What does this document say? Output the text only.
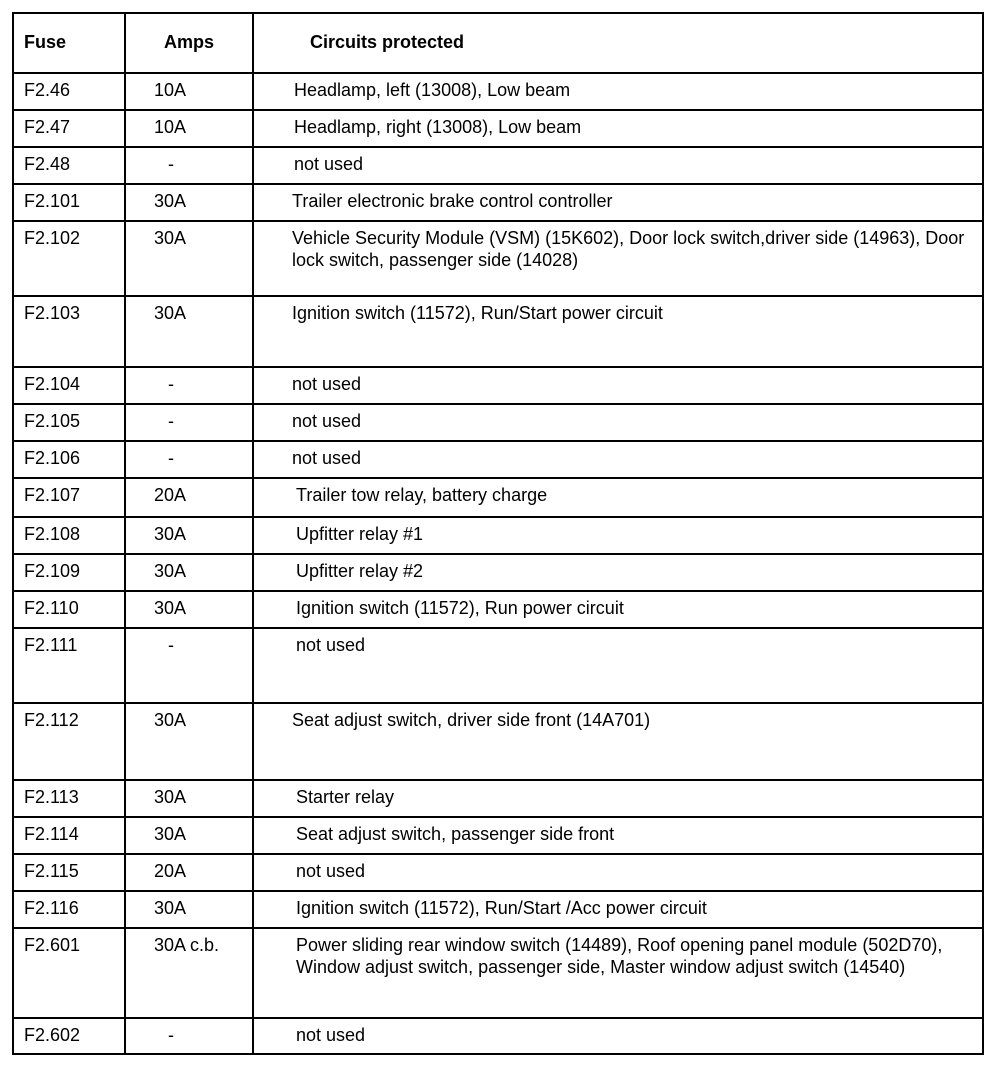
Fuse	Amps	Circuits protected

F2.46	10A	Headlamp, left (13008), Low beam

F2.47	10A	Headlamp, right (13008), Low beam

F2.48	-	not used

F2.101	30A	Trailer electronic brake control controller

F2.102	30A	Vehicle Security Module (VSM) (15K602), Door lock switch,driver side (14963), Door lock switch, passenger side (14028)

F2.103	30A	Ignition switch (11572), Run/Start power circuit

F2.104	-	not used

F2.105	-	not used

F2.106	-	not used

F2.107	20A	Trailer tow relay, battery charge

F2.108	30A	Upfitter relay #1

F2.109	30A	Upfitter relay #2

F2.110	30A	Ignition switch (11572), Run power circuit

F2.111	-	not used

F2.112	30A	Seat adjust switch, driver side front (14A701)

F2.113	30A	Starter relay

F2.114	30A	Seat adjust switch, passenger side front

F2.115	20A	not used

F2.116	30A	Ignition switch (11572), Run/Start /Acc power circuit

F2.601	30A c.b.	Power sliding rear window switch (14489), Roof opening panel module (502D70), Window adjust switch, passenger side, Master window adjust switch (14540)

F2.602	-	not used
